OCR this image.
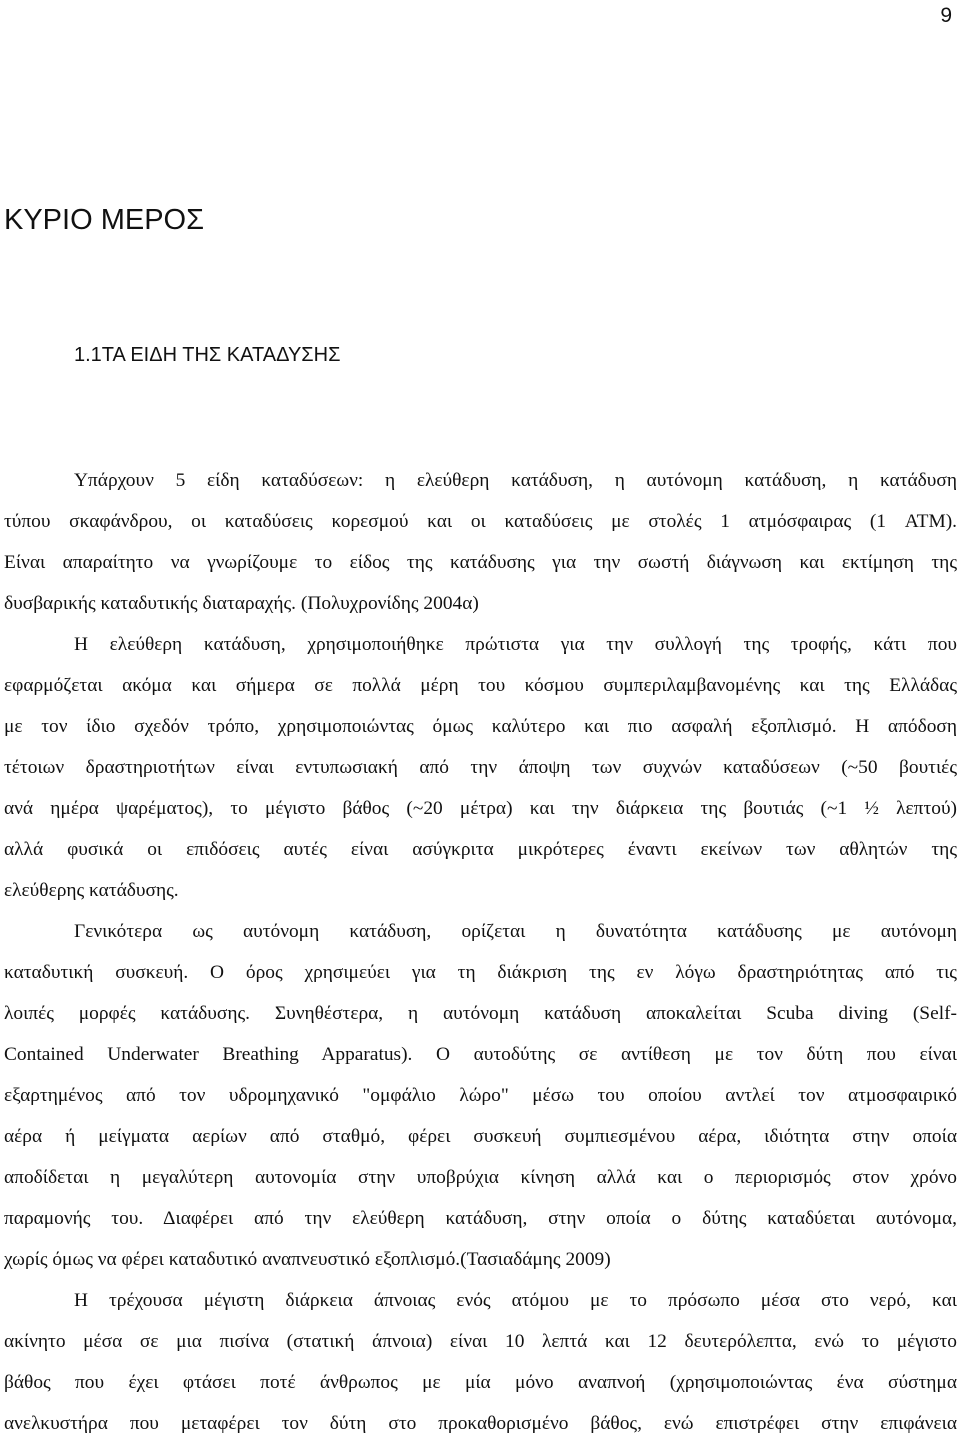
9
ΚΥΡΙΟ ΜΕΡΟΣ
1.1ΤΑ ΕΙΔΗ ΤΗΣ ΚΑΤΑΔΥΣΗΣ
Υπάρχουν 5 είδη καταδύσεων: η ελεύθερη κατάδυση, η αυτόνομη κατάδυση, η κατάδυση
τύπου σκαφάνδρου, οι καταδύσεις κορεσμού και οι καταδύσεις με στολές 1 ατμόσφαιρας (1 ATM).
Είναι απαραίτητο να γνωρίζουμε το είδος της κατάδυσης για την σωστή διάγνωση και εκτίμηση της
δυσβαρικής καταδυτικής διαταραχής. (Πολυχρονίδης 2004α)
Η ελεύθερη κατάδυση, χρησιμοποιήθηκε πρώτιστα για την συλλογή της τροφής, κάτι που
εφαρμόζεται ακόμα και σήμερα σε πολλά μέρη του κόσμου συμπεριλαμβανομένης και της Ελλάδας
με τον ίδιο σχεδόν τρόπο, χρησιμοποιώντας όμως καλύτερο και πιο ασφαλή εξοπλισμό. Η απόδοση
τέτοιων δραστηριοτήτων είναι εντυπωσιακή από την άποψη των συχνών καταδύσεων (~50 βουτιές
ανά ημέρα ψαρέματος), το μέγιστο βάθος (~20 μέτρα) και την διάρκεια της βουτιάς (~1 ½ λεπτού)
αλλά φυσικά οι επιδόσεις αυτές είναι ασύγκριτα μικρότερες έναντι εκείνων των αθλητών της
ελεύθερης κατάδυσης.
Γενικότερα ως αυτόνομη κατάδυση, ορίζεται η δυνατότητα κατάδυσης με αυτόνομη
καταδυτική συσκευή. Ο όρος χρησιμεύει για τη διάκριση της εν λόγω δραστηριότητας από τις
λοιπές μορφές κατάδυσης. Συνηθέστερα, η αυτόνομη κατάδυση αποκαλείται Scuba diving (Self-
Contained Underwater Breathing Apparatus). Ο αυτοδύτης σε αντίθεση με τον δύτη που είναι
εξαρτημένος από τον υδρομηχανικό "ομφάλιο λώρο" μέσω του οποίου αντλεί τον ατμοσφαιρικό
αέρα ή μείγματα αερίων από σταθμό, φέρει συσκευή συμπιεσμένου αέρα, ιδιότητα στην οποία
αποδίδεται η μεγαλύτερη αυτονομία στην υποβρύχια κίνηση αλλά και ο περιορισμός στον χρόνο
παραμονής του. Διαφέρει από την ελεύθερη κατάδυση, στην οποία ο δύτης καταδύεται αυτόνομα,
χωρίς όμως να φέρει καταδυτικό αναπνευστικό εξοπλισμό.(Τασιαδάμης 2009)
Η τρέχουσα μέγιστη διάρκεια άπνοιας ενός ατόμου με το πρόσωπο μέσα στο νερό, και
ακίνητο μέσα σε μια πισίνα (στατική άπνοια) είναι 10 λεπτά και 12 δευτερόλεπτα, ενώ το μέγιστο
βάθος που έχει φτάσει ποτέ άνθρωπος με μία μόνο αναπνοή (χρησιμοποιώντας ένα σύστημα
ανελκυστήρα που μεταφέρει τον δύτη στο προκαθορισμένο βάθος, ενώ επιστρέφει στην επιφάνεια
